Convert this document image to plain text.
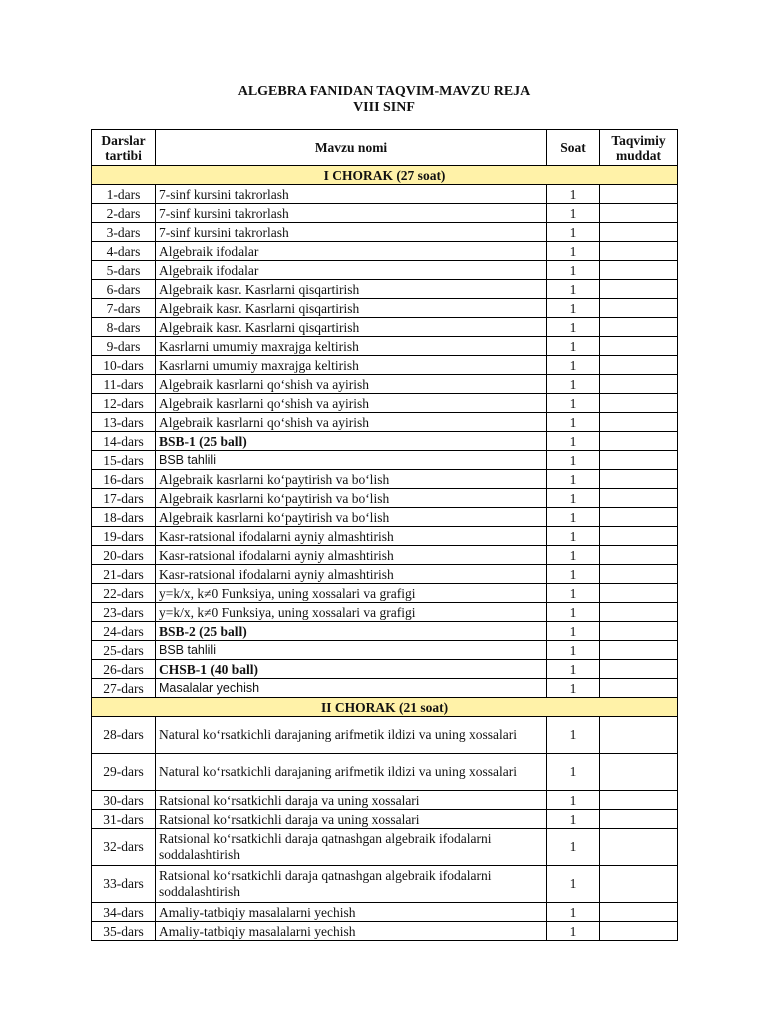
ALGEBRA FANIDAN TAQVIM-MAVZU REJA
VIII SINF
Darslar tartibi	Mavzu nomi	Soat	Taqvimiy muddat
I CHORAK (27 soat)			
1-dars	7-sinf kursini takrorlash	1	
2-dars	7-sinf kursini takrorlash	1	
3-dars	7-sinf kursini takrorlash	1	
4-dars	Algebraik ifodalar	1	
5-dars	Algebraik ifodalar	1	
6-dars	Algebraik kasr. Kasrlarni qisqartirish	1	
7-dars	Algebraik kasr. Kasrlarni qisqartirish	1	
8-dars	Algebraik kasr. Kasrlarni qisqartirish	1	
9-dars	Kasrlarni umumiy maxrajga keltirish	1	
10-dars	Kasrlarni umumiy maxrajga keltirish	1	
11-dars	Algebraik kasrlarni qo‘shish va ayirish	1	
12-dars	Algebraik kasrlarni qo‘shish va ayirish	1	
13-dars	Algebraik kasrlarni qo‘shish va ayirish	1	
14-dars	BSB-1 (25 ball)	1	
15-dars	BSB tahlili	1	
16-dars	Algebraik kasrlarni ko‘paytirish va bo‘lish	1	
17-dars	Algebraik kasrlarni ko‘paytirish va bo‘lish	1	
18-dars	Algebraik kasrlarni ko‘paytirish va bo‘lish	1	
19-dars	Kasr-ratsional ifodalarni ayniy almashtirish	1	
20-dars	Kasr-ratsional ifodalarni ayniy almashtirish	1	
21-dars	Kasr-ratsional ifodalarni ayniy almashtirish	1	
22-dars	y=k/x, k≠0 Funksiya, uning xossalari va grafigi	1	
23-dars	y=k/x, k≠0 Funksiya, uning xossalari va grafigi	1	
24-dars	BSB-2 (25 ball)	1	
25-dars	BSB tahlili	1	
26-dars	CHSB-1 (40 ball)	1	
27-dars	Masalalar yechish	1	
II CHORAK (21 soat)			
28-dars	Natural ko‘rsatkichli darajaning arifmetik ildizi va uning xossalari	1	
29-dars	Natural ko‘rsatkichli darajaning arifmetik ildizi va uning xossalari	1	
30-dars	Ratsional ko‘rsatkichli daraja va uning xossalari	1	
31-dars	Ratsional ko‘rsatkichli daraja va uning xossalari	1	
32-dars	Ratsional ko‘rsatkichli daraja qatnashgan algebraik ifodalarni soddalashtirish	1	
33-dars	Ratsional ko‘rsatkichli daraja qatnashgan algebraik ifodalarni soddalashtirish	1	
34-dars	Amaliy-tatbiqiy masalalarni yechish	1	
35-dars	Amaliy-tatbiqiy masalalarni yechish	1	
